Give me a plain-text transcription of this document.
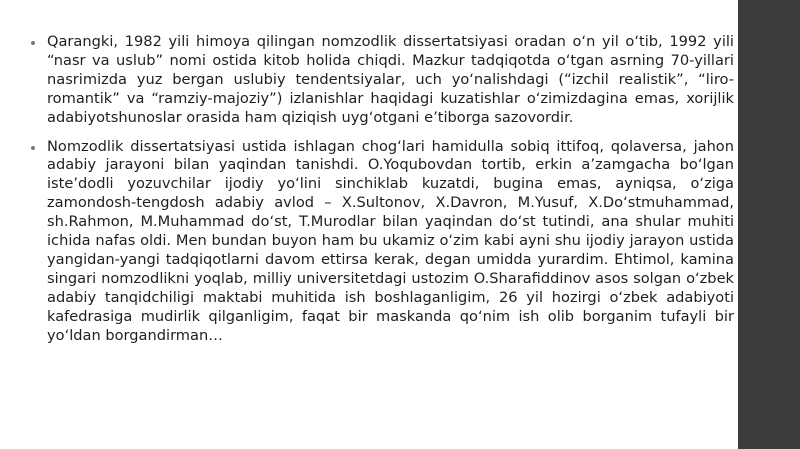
Qarangki, 1982 yili himoya qilingan nomzodlik dissertatsiyasi oradan o‘n yil o‘tib, 1992 yili “nasr va uslub” nomi ostida kitob holida chiqdi. Mazkur tadqiqotda o‘tgan asrning 70-yillari nasrimizda yuz bergan uslubiy tendentsiyalar, uch yo‘nalishdagi (“izchil realistik”, “liro-romantik” va “ramziy-majoziy”) izlanishlar haqidagi kuzatishlar o‘zimizdagina emas, xorijlik adabiyotshunoslar orasida ham qiziqish uyg‘otgani e’tiborga sazovordir.

Nomzodlik dissertatsiyasi ustida ishlagan chog‘lari hamidulla sobiq ittifoq, qolaversa, jahon adabiy jarayoni bilan yaqindan tanishdi. O.Yoqubovdan tortib, erkin a’zamgacha bo‘lgan iste’dodli yozuvchilar ijodiy yo‘lini sinchiklab kuzatdi, bugina emas, ayniqsa, o‘ziga zamondosh-tengdosh adabiy avlod – X.Sultonov, X.Davron, M.Yusuf, X.Do‘stmuhammad, sh.Rahmon, M.Muhammad do‘st, T.Murodlar bilan yaqindan do‘st tutindi, ana shular muhiti ichida nafas oldi. Men bundan buyon ham bu ukamiz o‘zim kabi ayni shu ijodiy jarayon ustida yangidan-yangi tadqiqotlarni davom ettirsa kerak, degan umidda yurardim. Ehtimol, kamina singari nomzodlikni yoqlab, milliy universitetdagi ustozim O.Sharafiddinov asos solgan o‘zbek adabiy tanqidchiligi maktabi muhitida ish boshlaganligim, 26 yil hozirgi o‘zbek adabiyoti kafedrasiga mudirlik qilganligim, faqat bir maskanda qo‘nim ish olib borganim tufayli bir yo‘ldan borgandirman…
